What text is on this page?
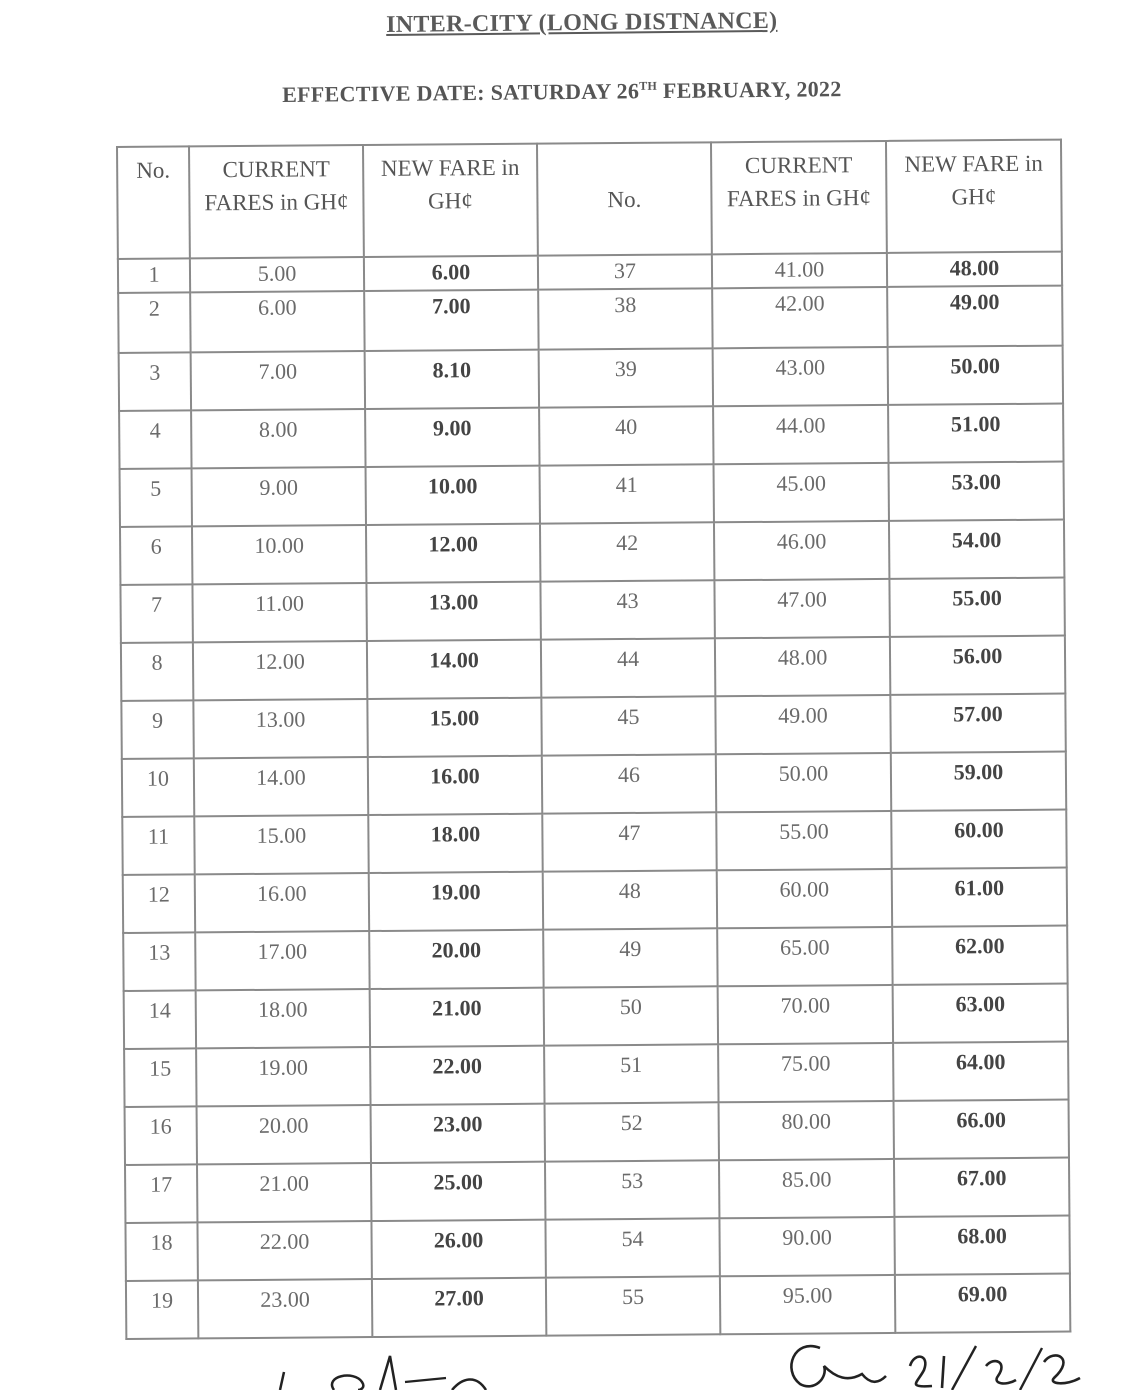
INTER-CITY (LONG DISTNANCE)
EFFECTIVE DATE: SATURDAY 26TH FEBRUARY, 2022
No.	CURRENT FARES in GH¢	NEW FARE in GH¢	No.	CURRENT FARES in GH¢	NEW FARE in GH¢
1	5.00	6.00	37	41.00	48.00
2	6.00	7.00	38	42.00	49.00
3	7.00	8.10	39	43.00	50.00
4	8.00	9.00	40	44.00	51.00
5	9.00	10.00	41	45.00	53.00
6	10.00	12.00	42	46.00	54.00
7	11.00	13.00	43	47.00	55.00
8	12.00	14.00	44	48.00	56.00
9	13.00	15.00	45	49.00	57.00
10	14.00	16.00	46	50.00	59.00
11	15.00	18.00	47	55.00	60.00
12	16.00	19.00	48	60.00	61.00
13	17.00	20.00	49	65.00	62.00
14	18.00	21.00	50	70.00	63.00
15	19.00	22.00	51	75.00	64.00
16	20.00	23.00	52	80.00	66.00
17	21.00	25.00	53	85.00	67.00
18	22.00	26.00	54	90.00	68.00
19	23.00	27.00	55	95.00	69.00
